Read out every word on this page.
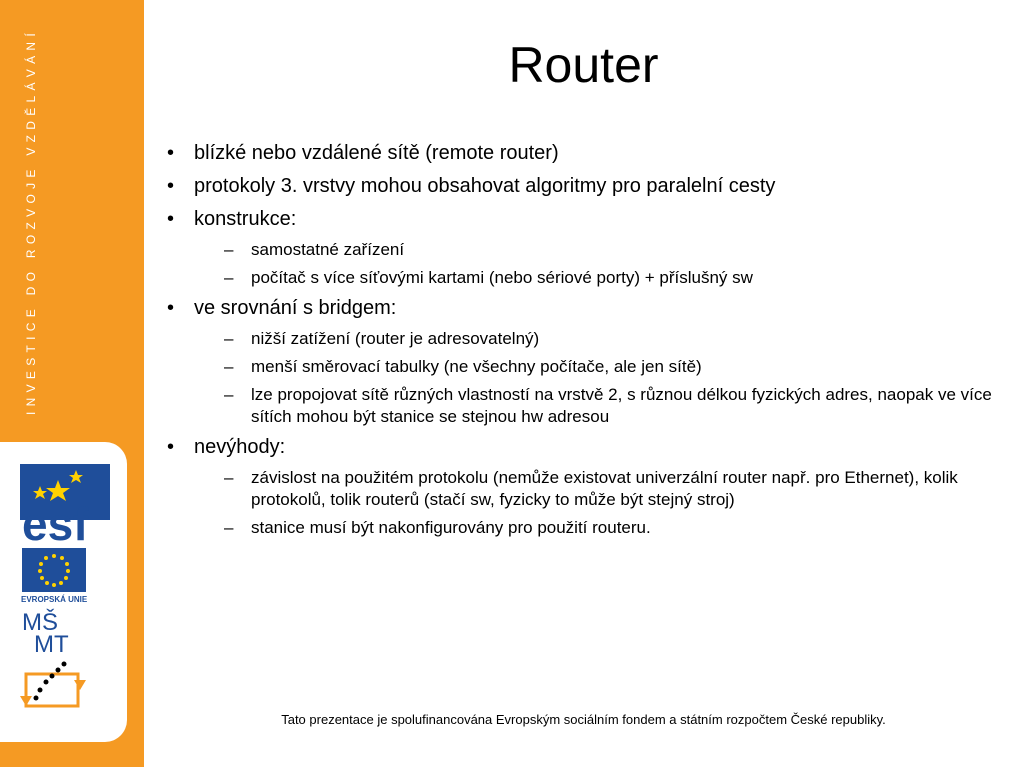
INVESTICE DO ROZVOJE VZDĚLÁVÁNÍ
esf
EVROPSKÁ UNIE
MŠ
MT
Router
• blízké nebo vzdálené sítě (remote router)
• protokoly 3. vrstvy mohou obsahovat algoritmy pro paralelní cesty
• konstrukce:
– samostatné zařízení
– počítač s více síťovými kartami (nebo sériové porty) + příslušný sw
• ve srovnání s bridgem:
– nižší zatížení (router je adresovatelný)
– menší směrovací tabulky (ne všechny počítače, ale jen sítě)
– lze propojovat sítě různých vlastností na vrstvě 2, s různou délkou fyzických adres, naopak ve více sítích mohou být stanice se stejnou hw adresou
• nevýhody:
– závislost na použitém protokolu (nemůže existovat univerzální router např. pro Ethernet), kolik protokolů, tolik routerů (stačí sw, fyzicky to může být stejný stroj)
– stanice musí být nakonfigurovány pro použití routeru.
Tato prezentace je spolufinancována Evropským sociálním fondem a státním rozpočtem České republiky.
